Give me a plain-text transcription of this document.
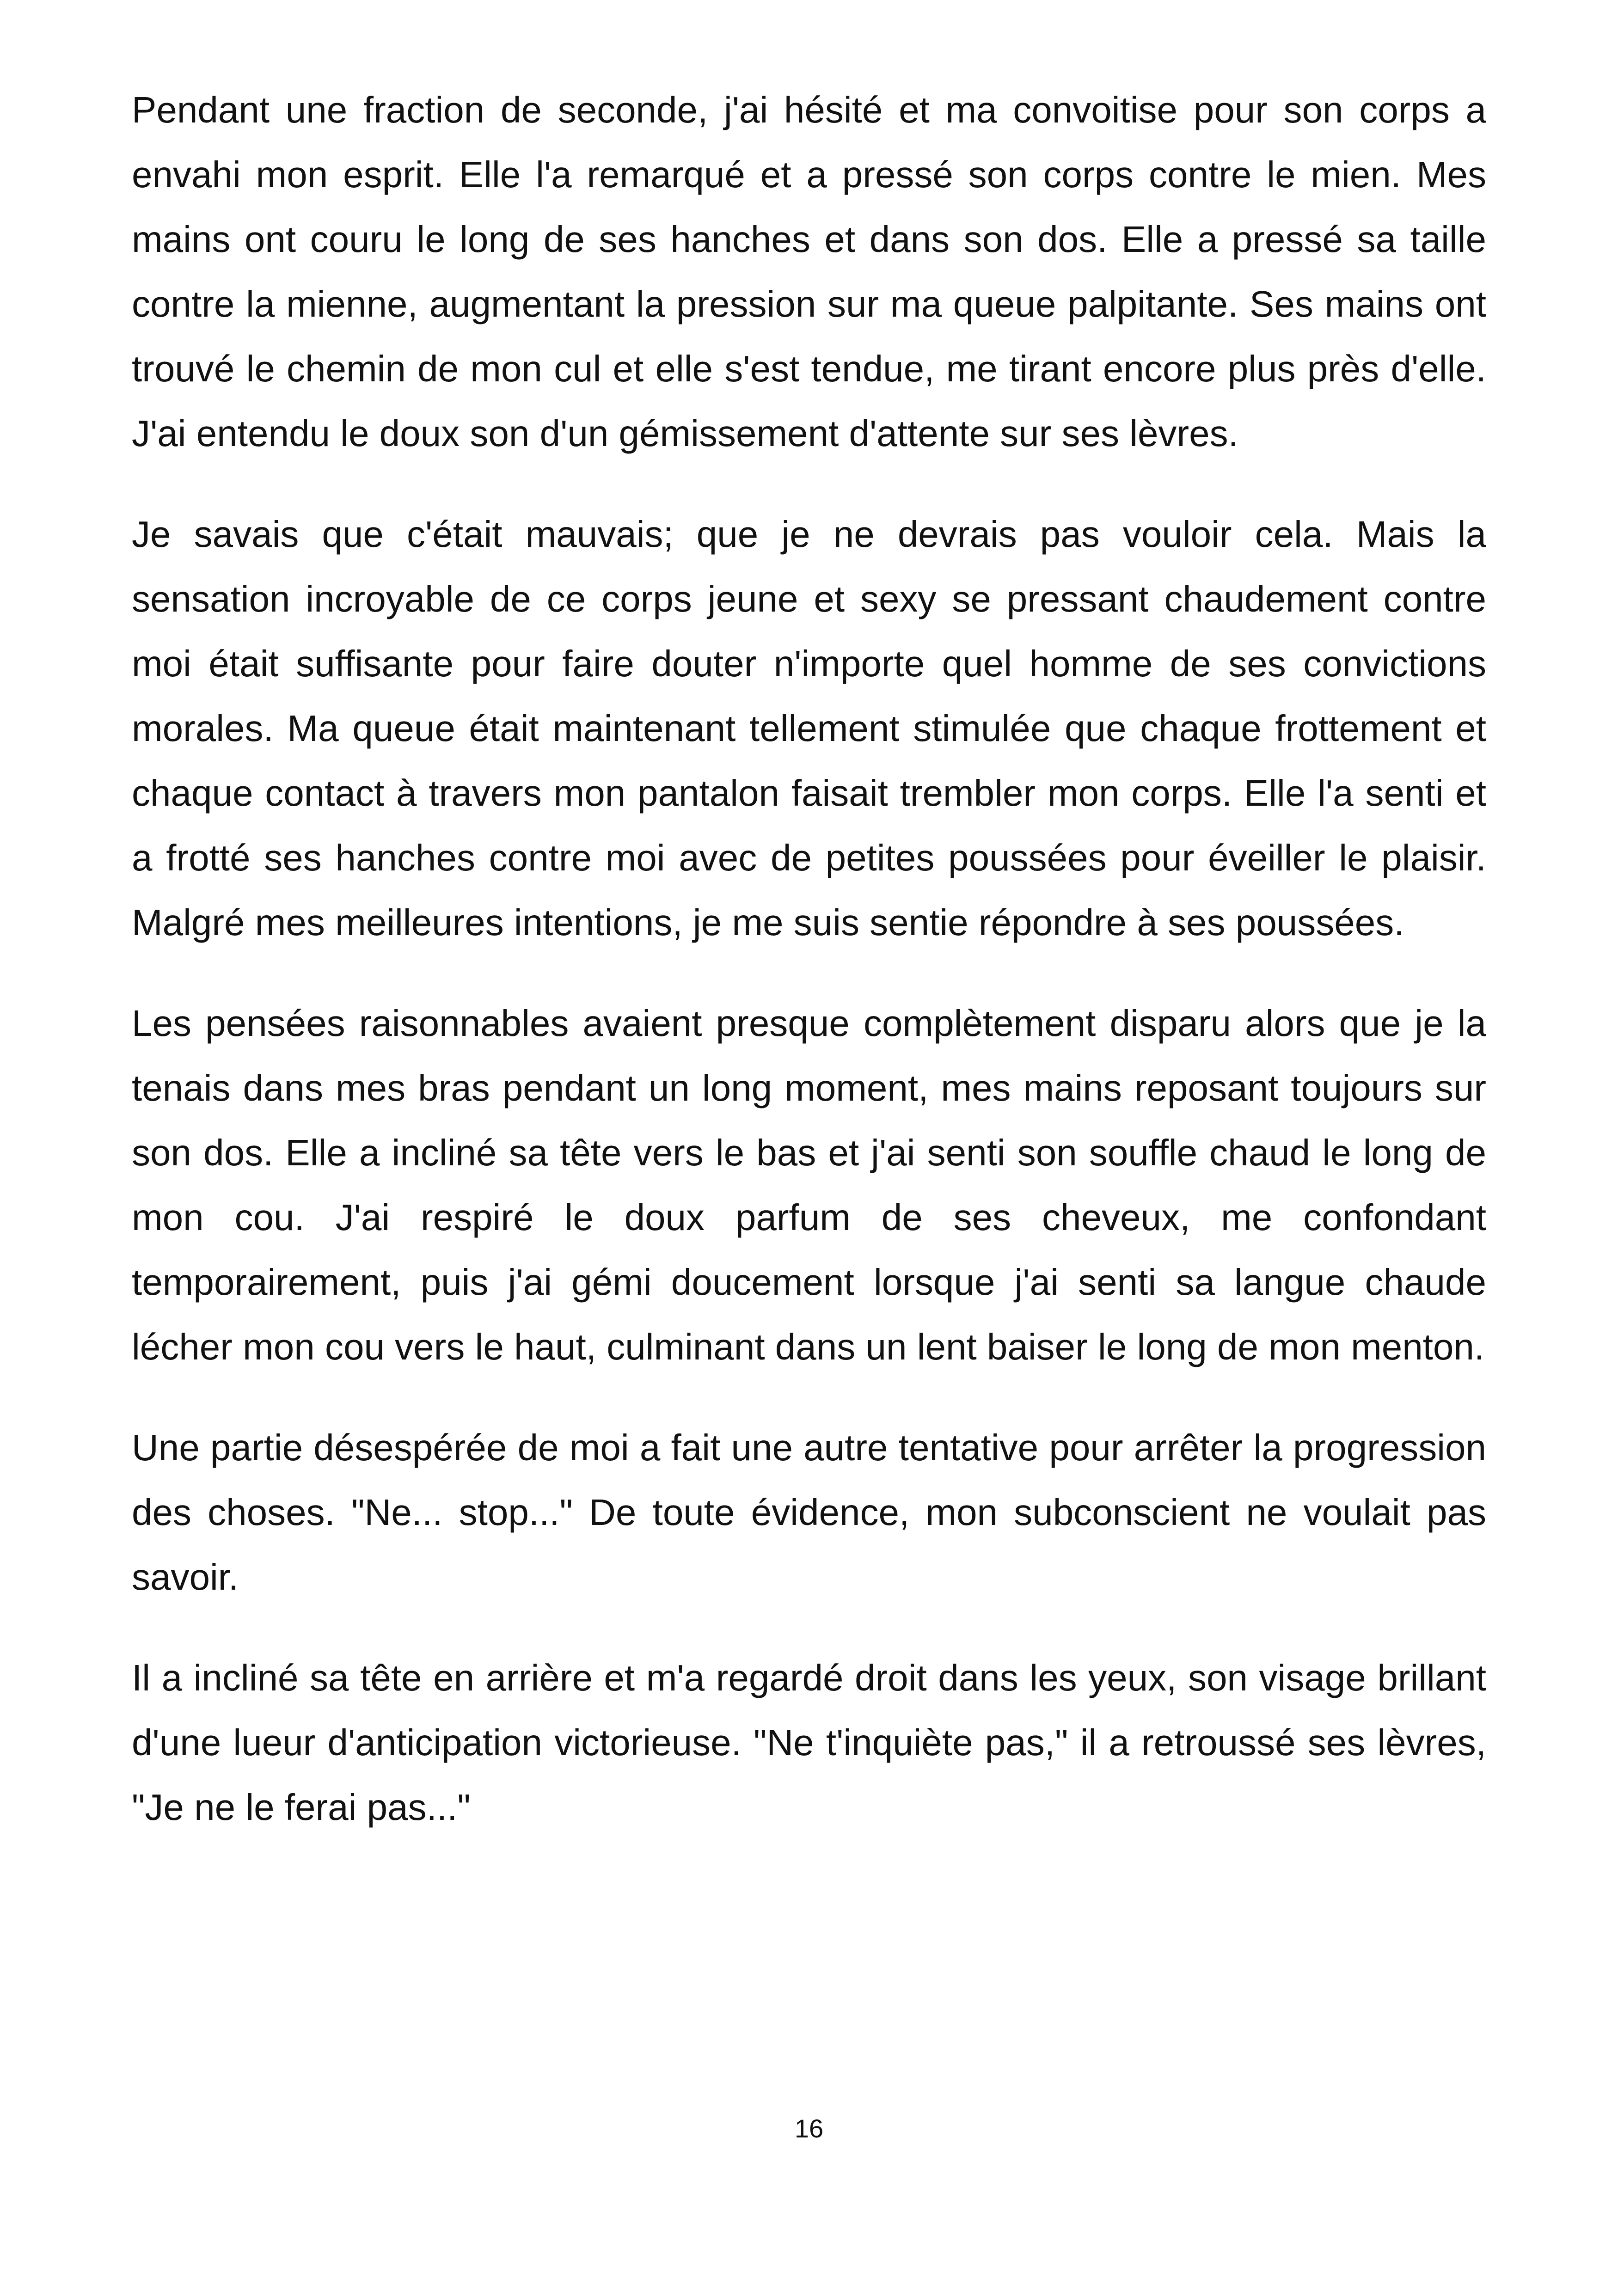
Pendant une fraction de seconde, j'ai hésité et ma convoitise pour son corps a envahi mon esprit. Elle l'a remarqué et a pressé son corps contre le mien. Mes mains ont couru le long de ses hanches et dans son dos. Elle a pressé sa taille contre la mienne, augmentant la pression sur ma queue palpitante. Ses mains ont trouvé le chemin de mon cul et elle s'est tendue, me tirant encore plus près d'elle. J'ai entendu le doux son d'un gémissement d'attente sur ses lèvres.

Je savais que c'était mauvais; que je ne devrais pas vouloir cela. Mais la sensation incroyable de ce corps jeune et sexy se pressant chaudement contre moi était suffisante pour faire douter n'importe quel homme de ses convictions morales. Ma queue était maintenant tellement stimulée que chaque frottement et chaque contact à travers mon pantalon faisait trembler mon corps. Elle l'a senti et a frotté ses hanches contre moi avec de petites poussées pour éveiller le plaisir. Malgré mes meilleures intentions, je me suis sentie répondre à ses poussées.

Les pensées raisonnables avaient presque complètement disparu alors que je la tenais dans mes bras pendant un long moment, mes mains reposant toujours sur son dos. Elle a incliné sa tête vers le bas et j'ai senti son souffle chaud le long de mon cou. J'ai respiré le doux parfum de ses cheveux, me confondant temporairement, puis j'ai gémi doucement lorsque j'ai senti sa langue chaude lécher mon cou vers le haut, culminant dans un lent baiser le long de mon menton.

Une partie désespérée de moi a fait une autre tentative pour arrêter la progression des choses. "Ne... stop..." De toute évidence, mon subconscient ne voulait pas savoir.

Il a incliné sa tête en arrière et m'a regardé droit dans les yeux, son visage brillant d'une lueur d'anticipation victorieuse. "Ne t'inquiète pas," il a retroussé ses lèvres, "Je ne le ferai pas..."

16
